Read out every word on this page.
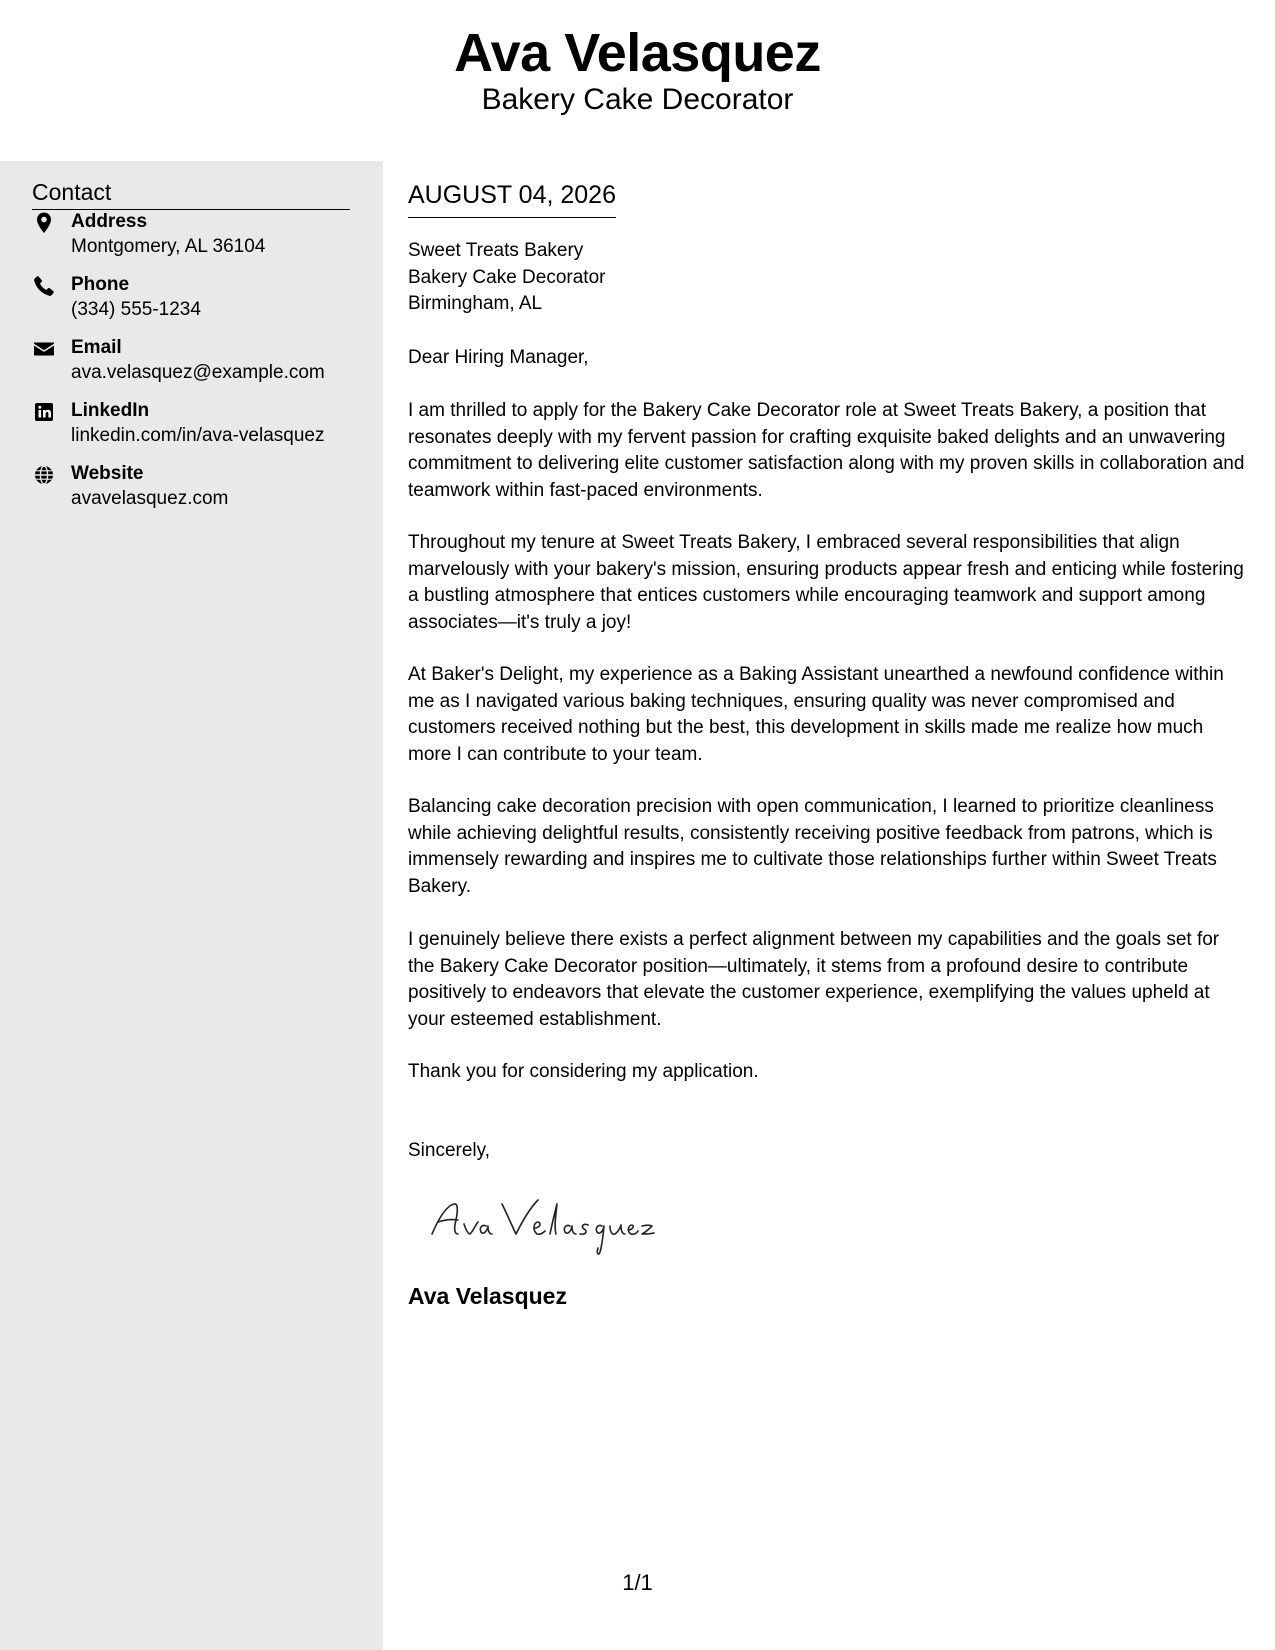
Ava Velasquez
Bakery Cake Decorator
Contact
Address
Montgomery, AL 36104
Phone
(334) 555-1234
Email
ava.velasquez@example.com
LinkedIn
linkedin.com/in/ava-velasquez
Website
avavelasquez.com
AUGUST 04, 2026
Sweet Treats Bakery
Bakery Cake Decorator
Birmingham, AL

Dear Hiring Manager,

I am thrilled to apply for the Bakery Cake Decorator role at Sweet Treats Bakery, a position that resonates deeply with my fervent passion for crafting exquisite baked delights and an unwavering commitment to delivering elite customer satisfaction along with my proven skills in collaboration and teamwork within fast-paced environments.

Throughout my tenure at Sweet Treats Bakery, I embraced several responsibilities that align marvelously with your bakery's mission, ensuring products appear fresh and enticing while fostering a bustling atmosphere that entices customers while encouraging teamwork and support among associates—it's truly a joy!

At Baker's Delight, my experience as a Baking Assistant unearthed a newfound confidence within me as I navigated various baking techniques, ensuring quality was never compromised and customers received nothing but the best, this development in skills made me realize how much more I can contribute to your team.

Balancing cake decoration precision with open communication, I learned to prioritize cleanliness while achieving delightful results, consistently receiving positive feedback from patrons, which is immensely rewarding and inspires me to cultivate those relationships further within Sweet Treats Bakery.

I genuinely believe there exists a perfect alignment between my capabilities and the goals set for the Bakery Cake Decorator position—ultimately, it stems from a profound desire to contribute positively to endeavors that elevate the customer experience, exemplifying the values upheld at your esteemed establishment.

Thank you for considering my application.

Sincerely,

Ava Velasquez
1/1
